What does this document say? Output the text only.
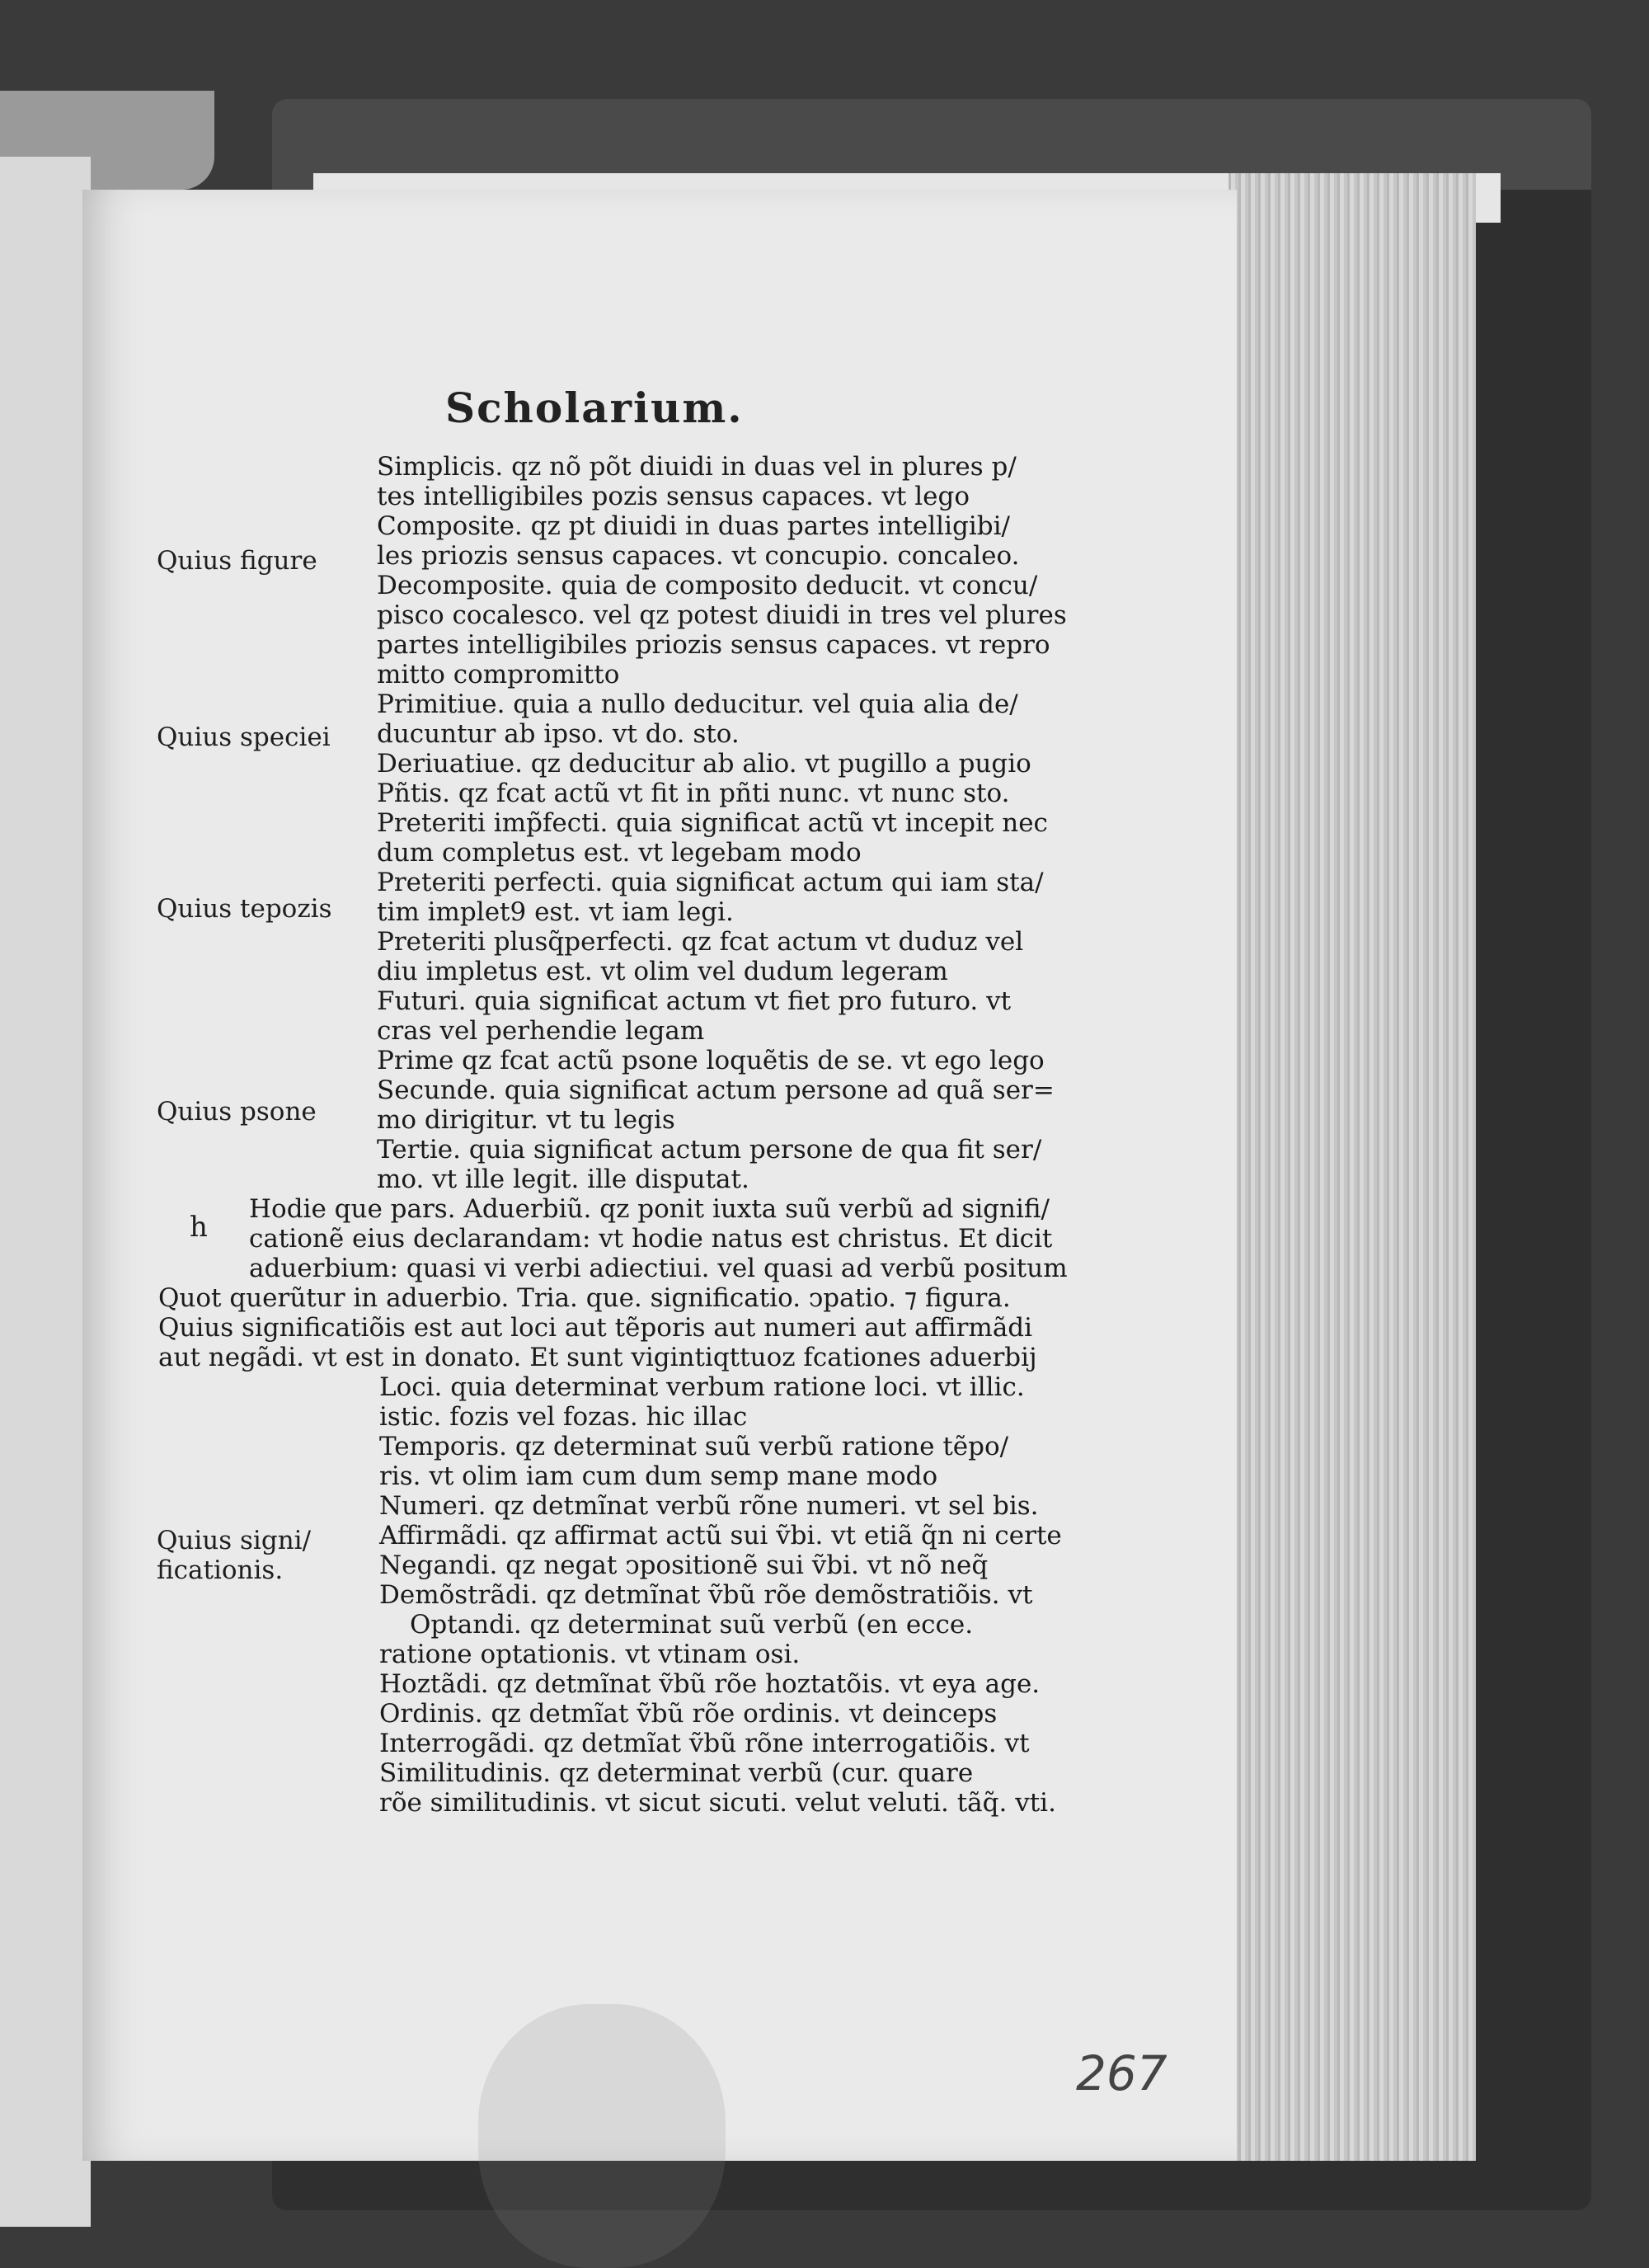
Scholarium.
Quius figure
Quius speciei
Quius tepozis
Quius psone
h
Quius signi/
ficationis.
Simplicis. qz nõ põt diuidi in duas vel in plures p/
tes intelligibiles pozis sensus capaces. vt lego
Composite. qz pt diuidi in duas partes intelligibi/
les priozis sensus capaces. vt concupio. concaleo.
Decomposite. quia de composito deducit. vt concu/
pisco cocalesco. vel qz potest diuidi in tres vel plures
partes intelligibiles priozis sensus capaces. vt repro
mitto compromitto
Primitiue. quia a nullo deducitur. vel quia alia de/
ducuntur ab ipso. vt do. sto.
Deriuatiue. qz deducitur ab alio. vt pugillo a pugio
Pñtis. qz fcat actũ vt fit in pñti nunc. vt nunc sto.
Preteriti imp̃fecti. quia significat actũ vt incepit nec
dum completus est. vt legebam modo
Preteriti perfecti. quia significat actum qui iam sta/
tim implet9 est. vt iam legi.
Preteriti plusq̃perfecti. qz fcat actum vt duduz vel
diu impletus est. vt olim vel dudum legeram
Futuri. quia significat actum vt fiet pro futuro. vt
cras vel perhendie legam
Prime qz fcat actũ psone loquẽtis de se. vt ego lego
Secunde. quia significat actum persone ad quã ser=
mo dirigitur. vt tu legis
Tertie. quia significat actum persone de qua fit ser/
mo. vt ille legit. ille disputat.
Hodie que pars. Aduerbiũ. qz ponit iuxta suũ verbũ ad signifi/
cationẽ eius declarandam: vt hodie natus est christus. Et dicit
aduerbium: quasi vi verbi adiectiui. vel quasi ad verbũ positum
Quot querũtur in aduerbio. Tria. que. significatio. ↄpatio. ⁊ figura.
Quius significatiõis est aut loci aut tẽporis aut numeri aut affirmãdi
aut negãdi. vt est in donato. Et sunt vigintiqttuoz fcationes aduerbij
Loci. quia determinat verbum ratione loci. vt illic.
istic. fozis vel fozas. hic illac
Temporis. qz determinat suũ verbũ ratione tẽpo/
ris. vt olim iam cum dum semp mane modo
Numeri. qz detmĩnat verbũ rõne numeri. vt sel bis.
Affirmãdi. qz affirmat actũ sui ṽbi. vt etiã q̃n ni certe
Negandi. qz negat ↄpositionẽ sui ṽbi. vt nõ neq̃
Demõstrãdi. qz detmĩnat ṽbũ rõe demõstratiõis. vt
Optandi. qz determinat suũ verbũ (en ecce.
ratione optationis. vt vtinam osi.
Hoztãdi. qz detmĩnat ṽbũ rõe hoztatõis. vt eya age.
Ordinis. qz detmĩat ṽbũ rõe ordinis. vt deinceps
Interrogãdi. qz detmĩat ṽbũ rõne interrogatiõis. vt
Similitudinis. qz determinat verbũ (cur. quare
rõe similitudinis. vt sicut sicuti. velut veluti. tãq̃. vti.
267
